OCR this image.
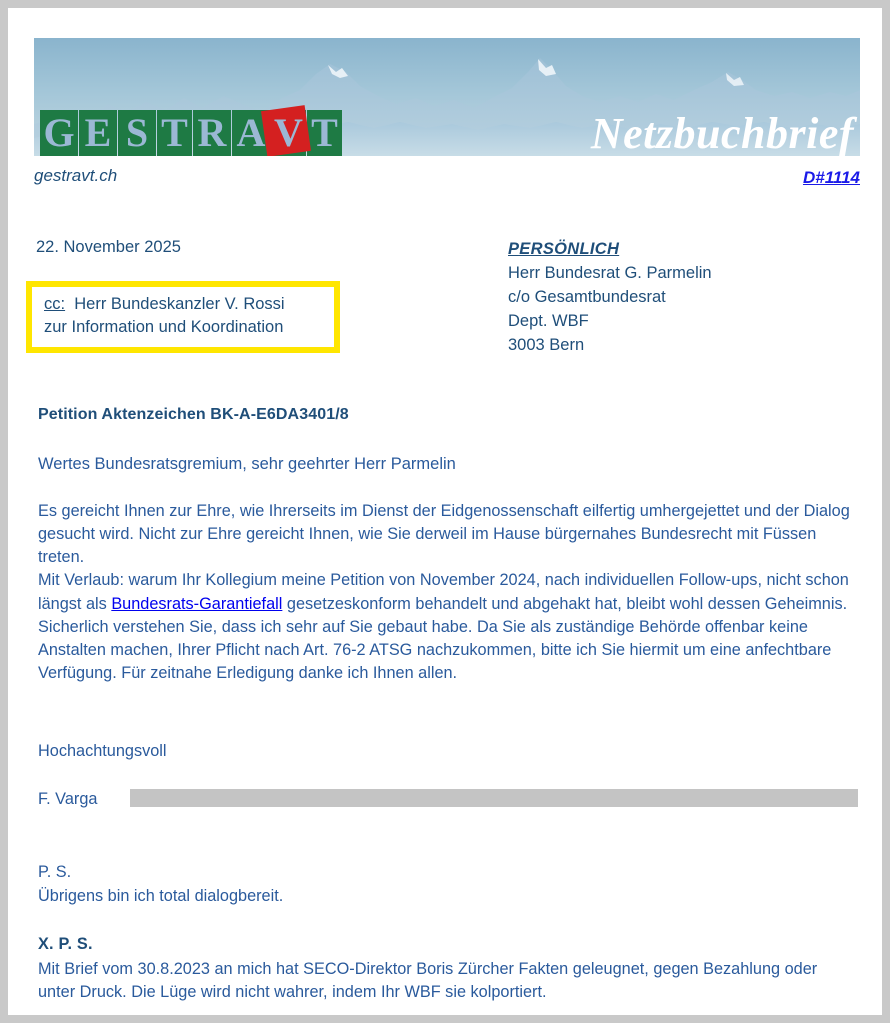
G E S T R A V T	Netzbuchbrief
gestravt.ch	D#1114
22. November 2025
cc: Herr Bundeskanzler V. Rossi
zur Information und Koordination
PERSÖNLICH
Herr Bundesrat G. Parmelin
c/o Gesamtbundesrat
Dept. WBF
3003 Bern
Petition Aktenzeichen BK-A-E6DA3401/8
Wertes Bundesratsgremium, sehr geehrter Herr Parmelin

Es gereicht Ihnen zur Ehre, wie Ihrerseits im Dienst der Eidgenossenschaft eilfertig umhergejettet und der Dialog gesucht wird. Nicht zur Ehre gereicht Ihnen, wie Sie derweil im Hause bürgernahes Bundesrecht mit Füssen treten.

Mit Verlaub: warum Ihr Kollegium meine Petition von November 2024, nach individuellen Follow-ups, nicht schon längst als Bundesrats-Garantiefall gesetzeskonform behandelt und abgehakt hat, bleibt wohl dessen Geheimnis.

Sicherlich verstehen Sie, dass ich sehr auf Sie gebaut habe. Da Sie als zuständige Behörde offenbar keine Anstalten machen, Ihrer Pflicht nach Art. 76-2 ATSG nachzukommen, bitte ich Sie hiermit um eine anfechtbare Verfügung. Für zeitnahe Erledigung danke ich Ihnen allen.

Hochachtungsvoll
F. Varga
P. S.
Übrigens bin ich total dialogbereit.
X. P. S.
Mit Brief vom 30.8.2023 an mich hat SECO-Direktor Boris Zürcher Fakten geleugnet, gegen Bezahlung oder unter Druck. Die Lüge wird nicht wahrer, indem Ihr WBF sie kolportiert.
